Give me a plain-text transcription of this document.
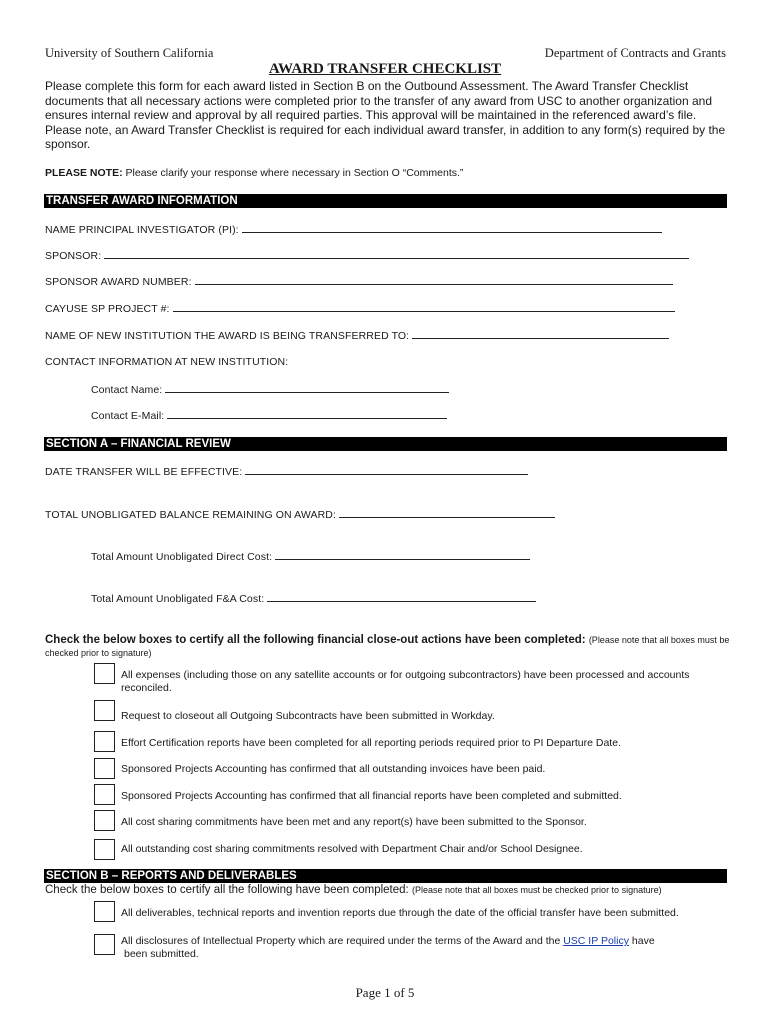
University of Southern California	Department of Contracts and Grants
AWARD TRANSFER CHECKLIST
Please complete this form for each award listed in Section B on the Outbound Assessment. The Award Transfer Checklist documents that all necessary actions were completed prior to the transfer of any award from USC to another organization and ensures internal review and approval by all required parties. This approval will be maintained in the referenced award’s file. Please note, an Award Transfer Checklist is required for each individual award transfer, in addition to any form(s) required by the sponsor.
PLEASE NOTE: Please clarify your response where necessary in Section O “Comments.”
TRANSFER AWARD INFORMATION
NAME PRINCIPAL INVESTIGATOR (PI):
SPONSOR:
SPONSOR AWARD NUMBER:
CAYUSE SP PROJECT #:
NAME OF NEW INSTITUTION THE AWARD IS BEING TRANSFERRED TO:
CONTACT INFORMATION AT NEW INSTITUTION:
Contact Name:
Contact E-Mail:
SECTION A – FINANCIAL REVIEW
DATE TRANSFER WILL BE EFFECTIVE:
TOTAL UNOBLIGATED BALANCE REMAINING ON AWARD:
Total Amount Unobligated Direct Cost:
Total Amount Unobligated F&A Cost:
Check the below boxes to certify all the following financial close-out actions have been completed: (Please note that all boxes must be checked prior to signature)
All expenses (including those on any satellite accounts or for outgoing subcontractors) have been processed and accounts reconciled.
Request to closeout all Outgoing Subcontracts have been submitted in Workday.
Effort Certification reports have been completed for all reporting periods required prior to PI Departure Date.
Sponsored Projects Accounting has confirmed that all outstanding invoices have been paid.
Sponsored Projects Accounting has confirmed that all financial reports have been completed and submitted.
All cost sharing commitments have been met and any report(s) have been submitted to the Sponsor.
All outstanding cost sharing commitments resolved with Department Chair and/or School Designee.
SECTION B – REPORTS AND DELIVERABLES
Check the below boxes to certify all the following have been completed: (Please note that all boxes must be checked prior to signature)
All deliverables, technical reports and invention reports due through the date of the official transfer have been submitted.
All disclosures of Intellectual Property which are required under the terms of the Award and the USC IP Policy have
been submitted.
Page 1 of 5
